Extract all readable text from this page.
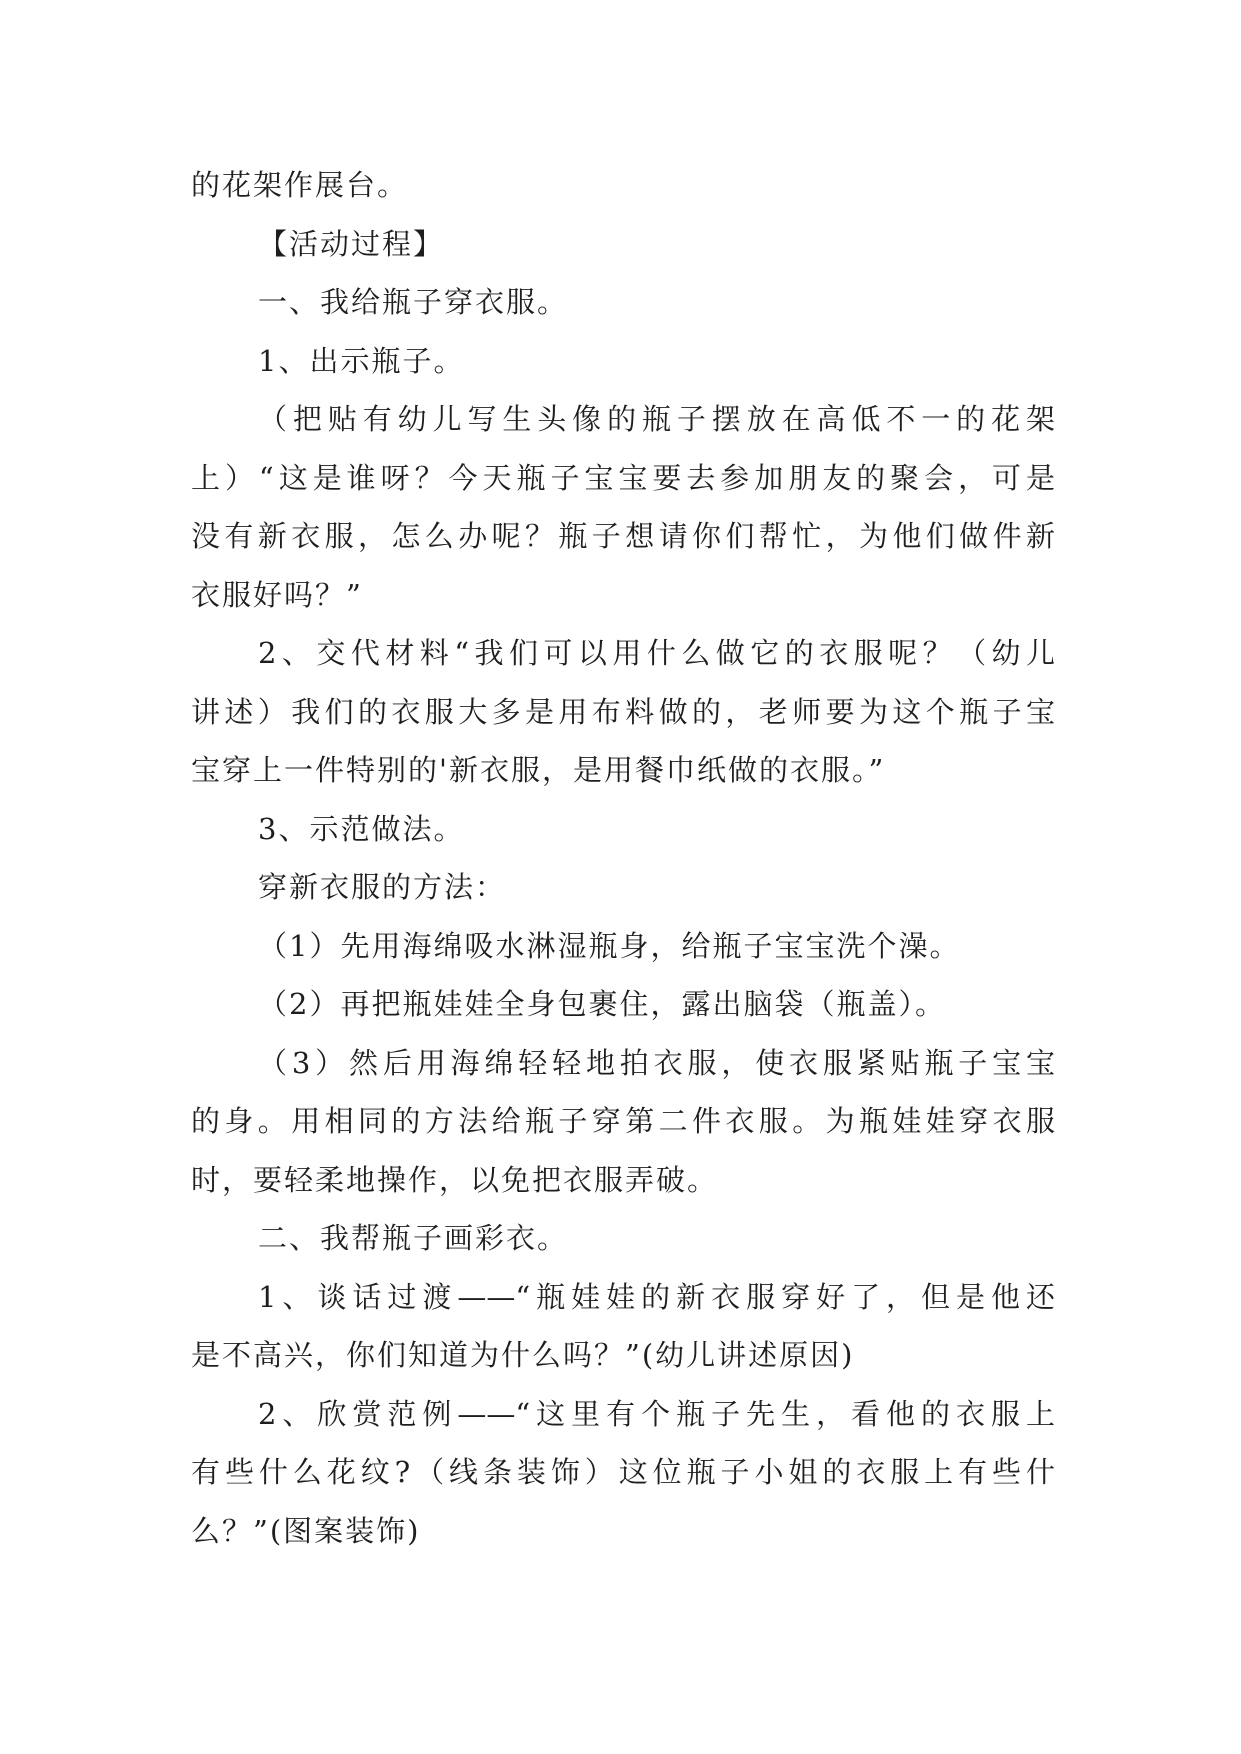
的花架作展台。
【活动过程】
一、我给瓶子穿衣服。
1、出示瓶子。
（把贴有幼儿写生头像的瓶子摆放在高低不一的花架
上）“这是谁呀？今天瓶子宝宝要去参加朋友的聚会，可是
没有新衣服，怎么办呢？瓶子想请你们帮忙，为他们做件新
衣服好吗？”
2、交代材料“我们可以用什么做它的衣服呢？（幼儿
讲述）我们的衣服大多是用布料做的，老师要为这个瓶子宝
宝穿上一件特别的'新衣服，是用餐巾纸做的衣服。”
3、示范做法。
穿新衣服的方法：
（1）先用海绵吸水淋湿瓶身，给瓶子宝宝洗个澡。
（2）再把瓶娃娃全身包裹住，露出脑袋（瓶盖）。
（3）然后用海绵轻轻地拍衣服，使衣服紧贴瓶子宝宝
的身。用相同的方法给瓶子穿第二件衣服。为瓶娃娃穿衣服
时，要轻柔地操作，以免把衣服弄破。
二、我帮瓶子画彩衣。
1、谈话过渡——“瓶娃娃的新衣服穿好了，但是他还
是不高兴，你们知道为什么吗？”(幼儿讲述原因)
2、欣赏范例——“这里有个瓶子先生，看他的衣服上
有些什么花纹?（线条装饰）这位瓶子小姐的衣服上有些什
么？”(图案装饰)
